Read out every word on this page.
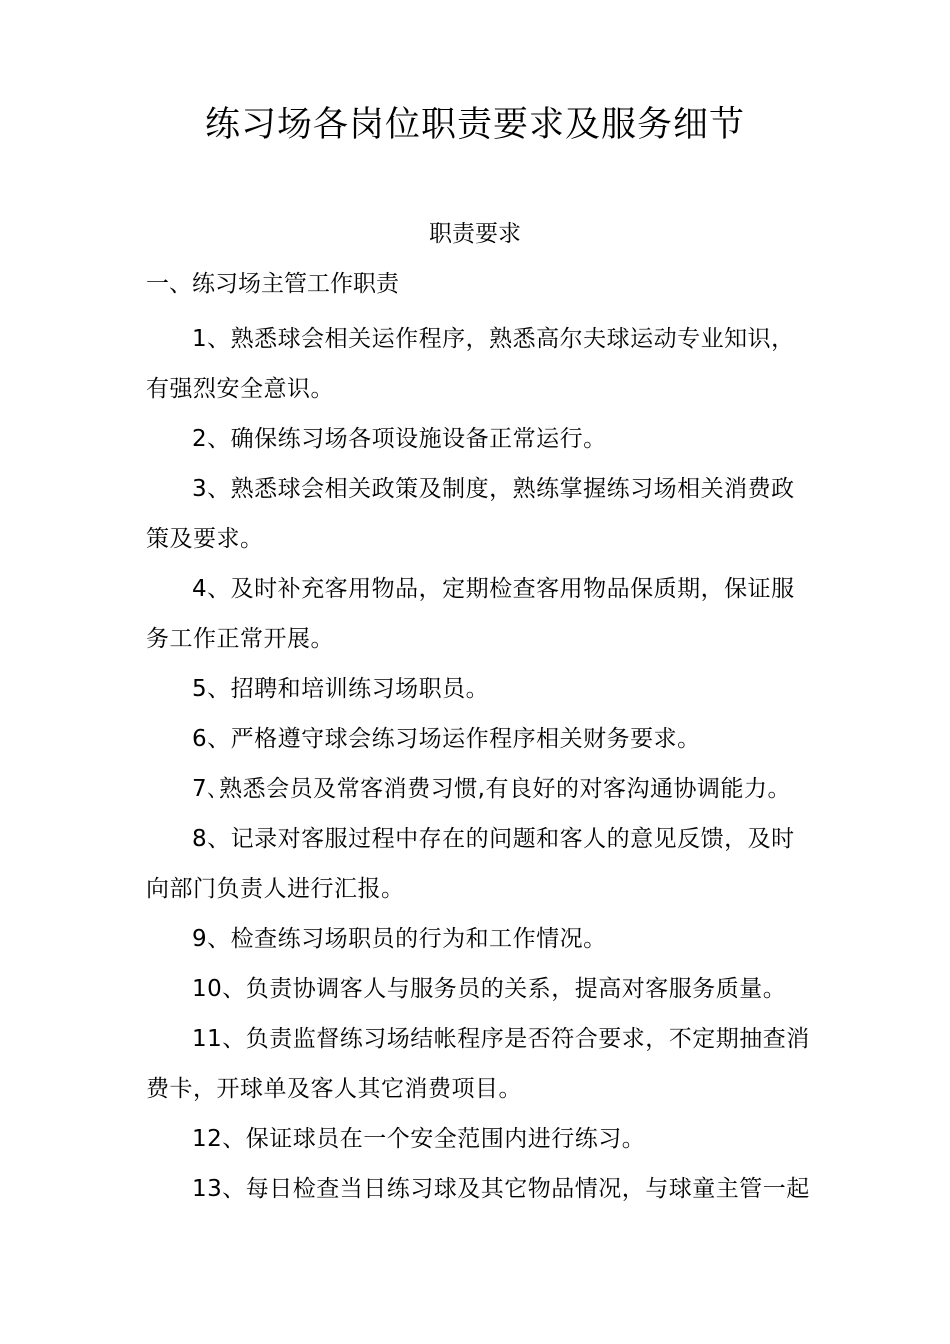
练习场各岗位职责要求及服务细节
职责要求
一、练习场主管工作职责
1、熟悉球会相关运作程序，熟悉高尔夫球运动专业知识，有强烈安全意识。
2、确保练习场各项设施设备正常运行。
3、熟悉球会相关政策及制度，熟练掌握练习场相关消费政策及要求。
4、及时补充客用物品，定期检查客用物品保质期，保证服务工作正常开展。
5、招聘和培训练习场职员。
6、严格遵守球会练习场运作程序相关财务要求。
7､熟悉会员及常客消费习惯,有良好的对客沟通协调能力。
8、记录对客服过程中存在的问题和客人的意见反馈，及时向部门负责人进行汇报。
9、检查练习场职员的行为和工作情况。
10、负责协调客人与服务员的关系，提高对客服务质量。
11、负责监督练习场结帐程序是否符合要求，不定期抽查消费卡，开球单及客人其它消费项目。
12、保证球员在一个安全范围内进行练习。
13、每日检查当日练习球及其它物品情况，与球童主管一起
